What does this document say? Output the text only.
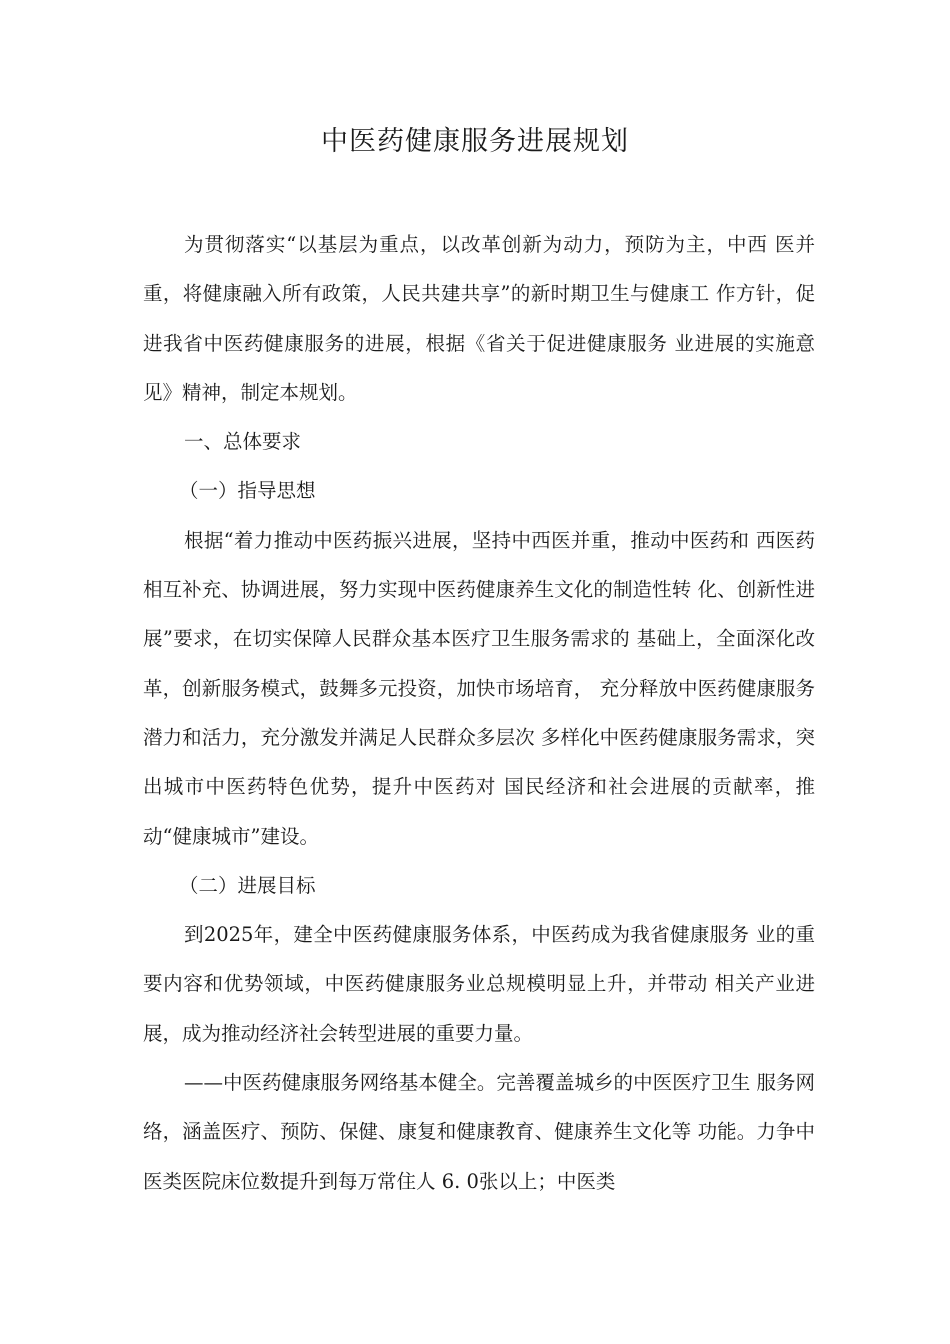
中医药健康服务进展规划

为贯彻落实“以基层为重点，以改革创新为动力，预防为主，中西 医并重，将健康融入所有政策，人民共建共享”的新时期卫生与健康工 作方针，促进我省中医药健康服务的进展，根据《省关于促进健康服务 业进展的实施意见》精神，制定本规划。

一、总体要求

（一）指导思想

根据“着力推动中医药振兴进展，坚持中西医并重，推动中医药和 西医药相互补充、协调进展，努力实现中医药健康养生文化的制造性转 化、创新性进展”要求，在切实保障人民群众基本医疗卫生服务需求的 基础上，全面深化改革，创新服务模式，鼓舞多元投资，加快市场培育， 充分释放中医药健康服务潜力和活力，充分激发并满足人民群众多层次 多样化中医药健康服务需求，突出城市中医药特色优势，提升中医药对 国民经济和社会进展的贡献率，推动“健康城市”建设。

（二）进展目标

到2025年，建全中医药健康服务体系，中医药成为我省健康服务 业的重要内容和优势领域，中医药健康服务业总规模明显上升，并带动 相关产业进展，成为推动经济社会转型进展的重要力量。

——中医药健康服务网络基本健全。完善覆盖城乡的中医医疗卫生 服务网络，涵盖医疗、预防、保健、康复和健康教育、健康养生文化等 功能。力争中医类医院床位数提升到每万常住人 6. 0张以上；中医类
